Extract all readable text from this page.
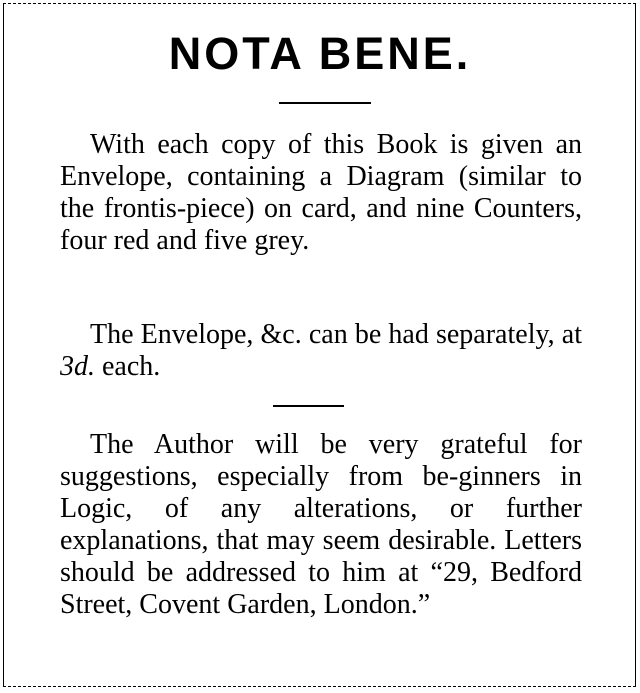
NOTA BENE.

With each copy of this Book is given an Envelope, containing a Diagram (similar to the frontis-piece) on card, and nine Counters, four red and five grey.

The Envelope, &c. can be had separately, at 3d. each.

The Author will be very grateful for suggestions, especially from be-ginners in Logic, of any alterations, or further explanations, that may seem desirable. Letters should be addressed to him at “29, Bedford Street, Covent Garden, London.”
